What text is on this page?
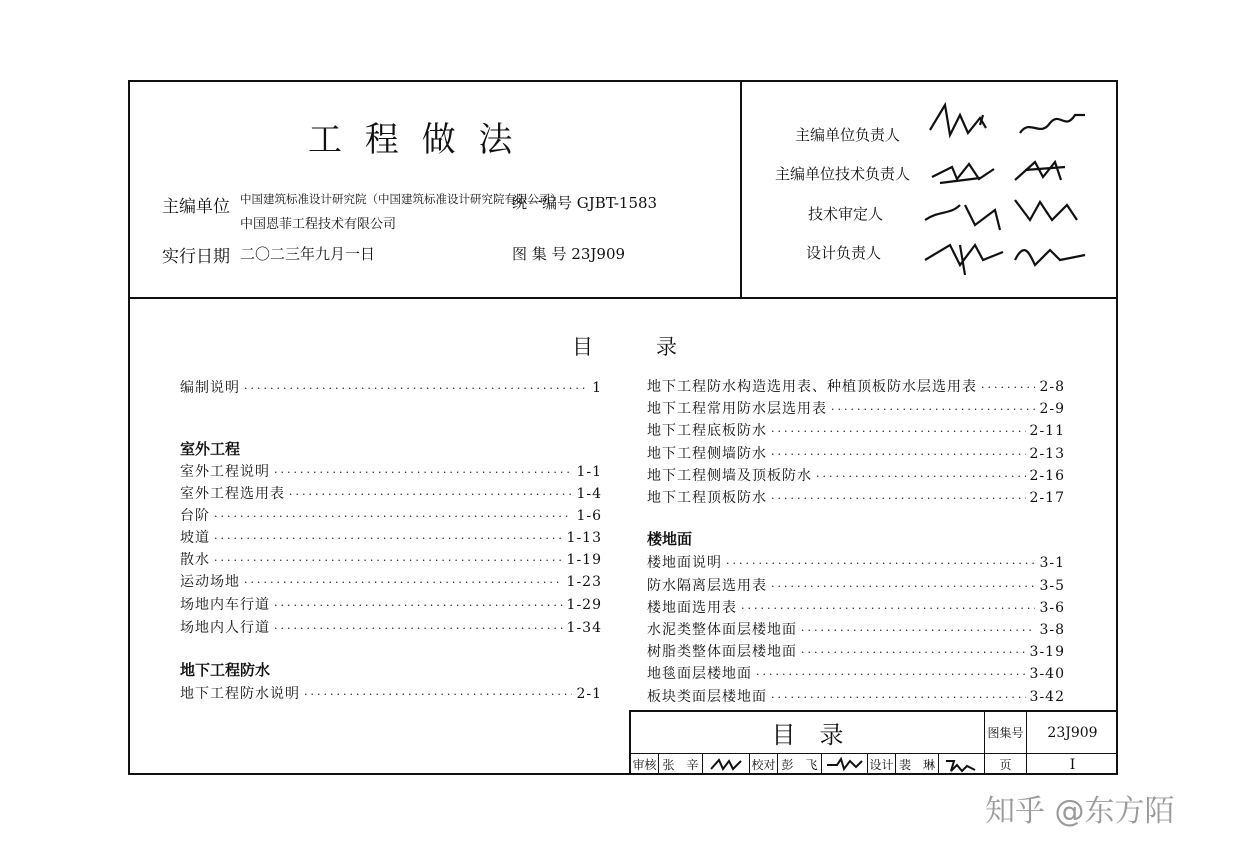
工 程 做 法
主编单位 中国建筑标准设计研究院（中国建筑标准设计研究院有限公司）
中国恩菲工程技术有限公司
统一编号 GJBT-1583
实行日期 二〇二三年九月一日	图 集 号 23J909
主编单位负责人
主编单位技术负责人
技术审定人
设计负责人
目　　　录
编制说明 ·····	1
室外工程
室外工程说明 ·····	1-1
室外工程选用表 ·····	1-4
台阶 ·····	1-6
坡道 ·····	1-13
散水 ·····	1-19
运动场地 ·····	1-23
场地内车行道 ·····	1-29
场地内人行道 ·····	1-34
地下工程防水
地下工程防水说明 ·····	2-1
地下工程防水构造选用表、种植顶板防水层选用表 ·····	2-8
地下工程常用防水层选用表 ·····	2-9
地下工程底板防水 ·····	2-11
地下工程侧墙防水 ·····	2-13
地下工程侧墙及顶板防水 ·····	2-16
地下工程顶板防水 ·····	2-17
楼地面
楼地面说明 ·····	3-1
防水隔离层选用表 ·····	3-5
楼地面选用表 ·····	3-6
水泥类整体面层楼地面 ·····	3-8
树脂类整体面层楼地面 ·····	3-19
地毯面层楼地面 ·····	3-40
板块类面层楼地面 ·····	3-42
目　录	图集号	23J909
审核 张　辛	校对 彭　飞	设计 裴　琳	页	I
知乎 @东方陌
